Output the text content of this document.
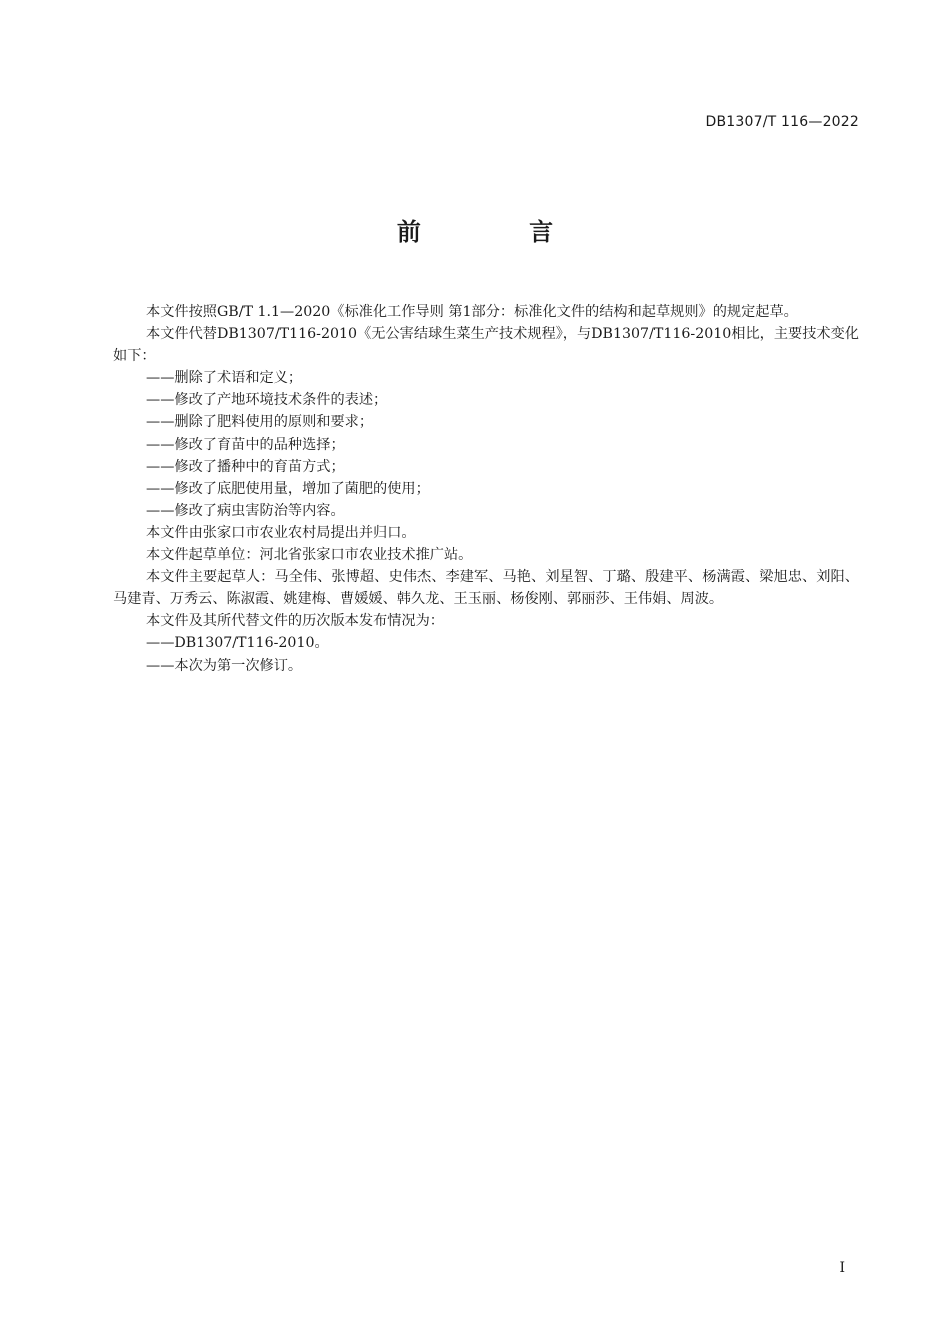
DB1307/T 116—2022
前 言

本文件按照GB/T 1.1—2020《标准化工作导则 第1部分：标准化文件的结构和起草规则》的规定起草。

本文件代替DB1307/T116-2010《无公害结球生菜生产技术规程》，与DB1307/T116-2010相比，主要技术变化如下：

——删除了术语和定义；

——修改了产地环境技术条件的表述；

——删除了肥料使用的原则和要求；

——修改了育苗中的品种选择；

——修改了播种中的育苗方式；

——修改了底肥使用量，增加了菌肥的使用；

——修改了病虫害防治等内容。

本文件由张家口市农业农村局提出并归口。

本文件起草单位：河北省张家口市农业技术推广站。

本文件主要起草人：马全伟、张博超、史伟杰、李建军、马艳、刘星智、丁璐、殷建平、杨满霞、梁旭忠、刘阳、马建青、万秀云、陈淑霞、姚建梅、曹媛媛、韩久龙、王玉丽、杨俊刚、郭丽莎、王伟娟、周波。

本文件及其所代替文件的历次版本发布情况为：

——DB1307/T116-2010。

——本次为第一次修订。

I
